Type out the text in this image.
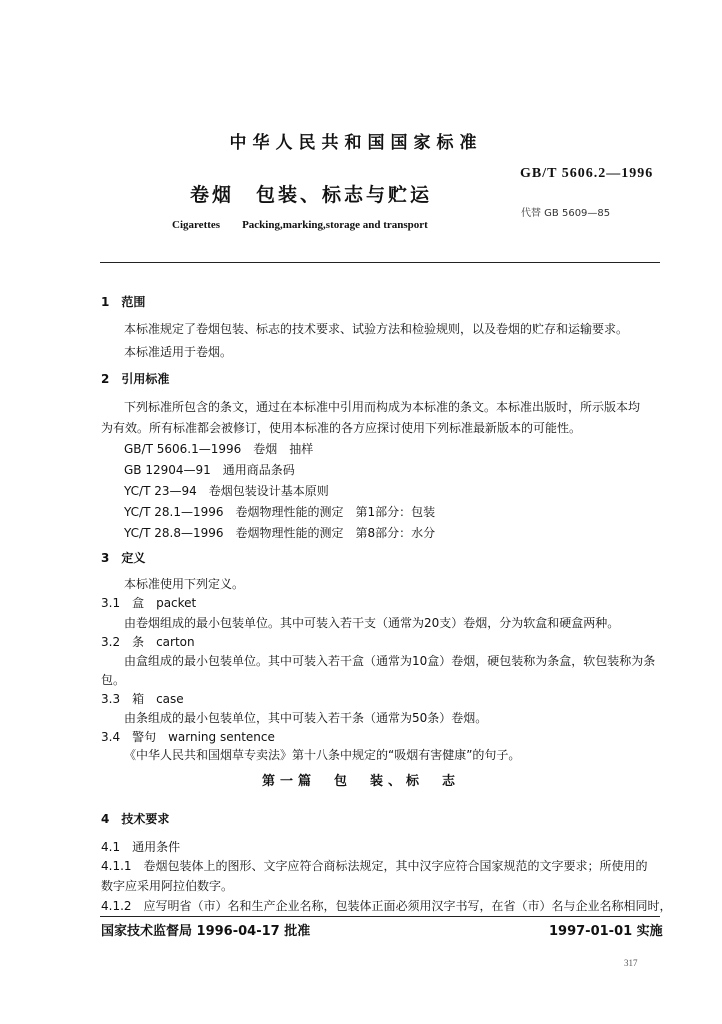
中华人民共和国国家标准
GB/T 5606.2—1996
卷烟　包装、标志与贮运
代替 GB 5609—85
Cigarettes Packing,marking,storage and transport
1　范围
本标准规定了卷烟包装、标志的技术要求、试验方法和检验规则，以及卷烟的贮存和运输要求。
本标准适用于卷烟。
2　引用标准
下列标准所包含的条文，通过在本标准中引用而构成为本标准的条文。本标准出版时，所示版本均
为有效。所有标准都会被修订，使用本标准的各方应探讨使用下列标准最新版本的可能性。
GB/T 5606.1—1996　卷烟　抽样
GB 12904—91　通用商品条码
YC/T 23—94　卷烟包装设计基本原则
YC/T 28.1—1996　卷烟物理性能的测定　第1部分：包装
YC/T 28.8—1996　卷烟物理性能的测定　第8部分：水分
3　定义
本标准使用下列定义。
3.1　盒　packet
由卷烟组成的最小包装单位。其中可装入若干支（通常为20支）卷烟，分为软盒和硬盒两种。
3.2　条　carton
由盒组成的最小包装单位。其中可装入若干盒（通常为10盒）卷烟，硬包装称为条盒，软包装称为条
包。
3.3　箱　case
由条组成的最小包装单位，其中可装入若干条（通常为50条）卷烟。
3.4　警句　warning sentence
《中华人民共和国烟草专卖法》第十八条中规定的“吸烟有害健康”的句子。
第一篇　包　装、标　志
4　技术要求
4.1　通用条件
4.1.1　卷烟包装体上的图形、文字应符合商标法规定，其中汉字应符合国家规范的文字要求；所使用的
数字应采用阿拉伯数字。
4.1.2　应写明省（市）名和生产企业名称，包装体正面必须用汉字书写，在省（市）名与企业名称相同时，
国家技术监督局 1996-04-17 批准	1997-01-01 实施
317
